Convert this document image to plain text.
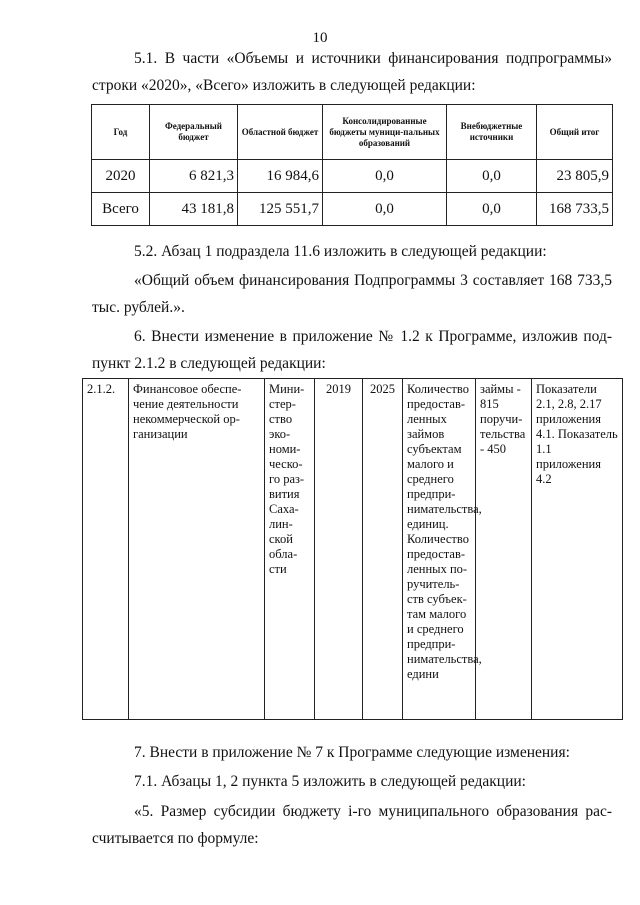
10
5.1. В части «Объемы и источники финансирования подпрограммы»
строки «2020», «Всего» изложить в следующей редакции:
Год	Федеральный бюджет	Областной бюджет	Консолидированные бюджеты муници-пальных образований	Внебюджетные источники	Общий итог
2020	6 821,3	16 984,6	0,0	0,0	23 805,9
Всего	43 181,8	125 551,7	0,0	0,0	168 733,5
5.2. Абзац 1 подраздела 11.6 изложить в следующей редакции:
«Общий объем финансирования Подпрограммы 3 составляет 168 733,5
тыс. рублей.».
6. Внести изменение в приложение № 1.2 к Программе, изложив под-
пункт 2.1.2 в следующей редакции:
2.1.2.	Финансовое обеспе-чение деятельности некоммерческой ор-ганизации	Мини-стер-ство эко-номи-ческо-го раз-вития Саха-лин-ской обла-сти	2019	2025	Количество предостав-ленных займов субъектам малого и среднего предпри-нимательства, единиц. Количество предостав-ленных по-ручитель-ств субъек-там малого и среднего предпри-нимательства, едини	займы - 815 поручи-тельства - 450	Показатели 2.1, 2.8, 2.17 приложения 4.1. Показатель 1.1 приложения 4.2
7. Внести в приложение № 7 к Программе следующие изменения:
7.1. Абзацы 1, 2 пункта 5 изложить в следующей редакции:
«5. Размер субсидии бюджету i-го муниципального образования рас-
считывается по формуле:
